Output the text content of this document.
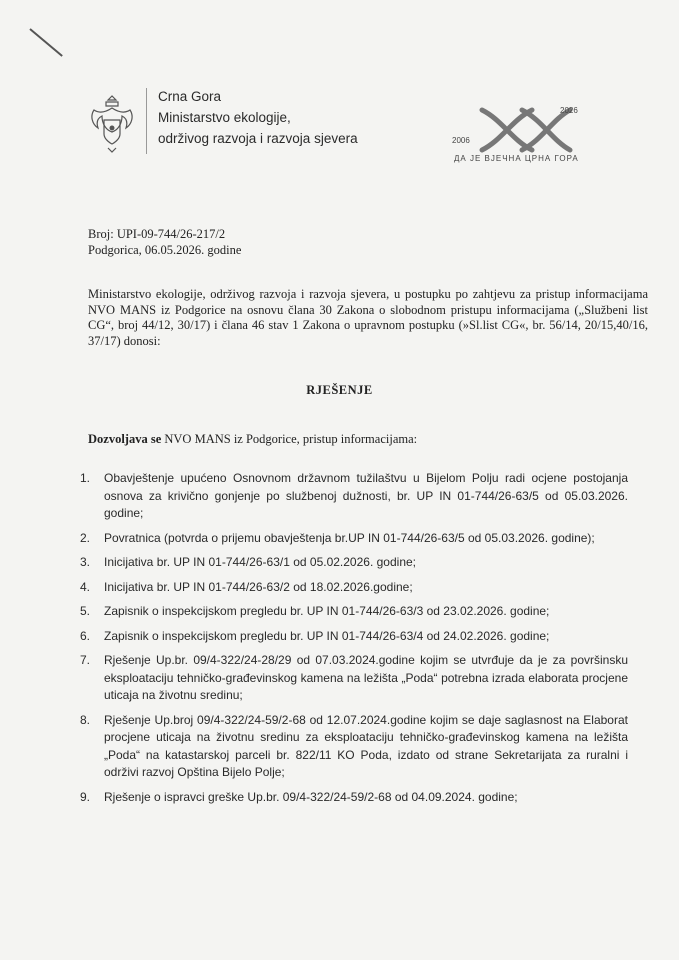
Crna Gora
Ministarstvo ekologije,
održivog razvoja i razvoja sjevera	2006
2026
ДА ЈЕ ВЈЕЧНА ЦРНА ГОРА
Broj: UPI-09-744/26-217/2
Podgorica, 06.05.2026. godine
Ministarstvo ekologije, održivog razvoja i razvoja sjevera, u postupku po zahtjevu za pristup informacijama NVO MANS iz Podgorice na osnovu člana 30 Zakona o slobodnom pristupu informacijama („Službeni list CG“, broj 44/12, 30/17) i člana 46 stav 1 Zakona o upravnom postupku (»Sl.list CG«, br. 56/14, 20/15,40/16, 37/17) donosi:
RJEŠENJE
Dozvoljava se NVO MANS iz Podgorice, pristup informacijama:
1.	Obavještenje upućeno Osnovnom državnom tužilaštvu u Bijelom Polju radi ocjene postojanja osnova za krivično gonjenje po službenoj dužnosti, br. UP IN 01-744/26-63/5 od 05.03.2026. godine;
2.	Povratnica (potvrda o prijemu obavještenja br.UP IN 01-744/26-63/5 od 05.03.2026. godine);
3.	Inicijativa br. UP IN 01-744/26-63/1 od 05.02.2026. godine;
4.	Inicijativa br. UP IN 01-744/26-63/2 od 18.02.2026.godine;
5.	Zapisnik o inspekcijskom pregledu br. UP IN 01-744/26-63/3 od 23.02.2026. godine;
6.	Zapisnik o inspekcijskom pregledu br. UP IN 01-744/26-63/4 od 24.02.2026. godine;
7.	Rješenje Up.br. 09/4-322/24-28/29 od 07.03.2024.godine kojim se utvrđuje da je za površinsku eksploataciju tehničko-građevinskog kamena na ležišta „Poda“ potrebna izrada elaborata procjene uticaja na životnu sredinu;
8.	Rješenje Up.broj 09/4-322/24-59/2-68 od 12.07.2024.godine kojim se daje saglasnost na Elaborat procjene uticaja na životnu sredinu za eksploataciju tehničko-građevinskog kamena na ležišta „Poda“ na katastarskoj parceli br. 822/11 KO Poda, izdato od strane Sekretarijata za ruralni i održivi razvoj Opština Bijelo Polje;
9.	Rješenje o ispravci greške Up.br. 09/4-322/24-59/2-68 od 04.09.2024. godine;
